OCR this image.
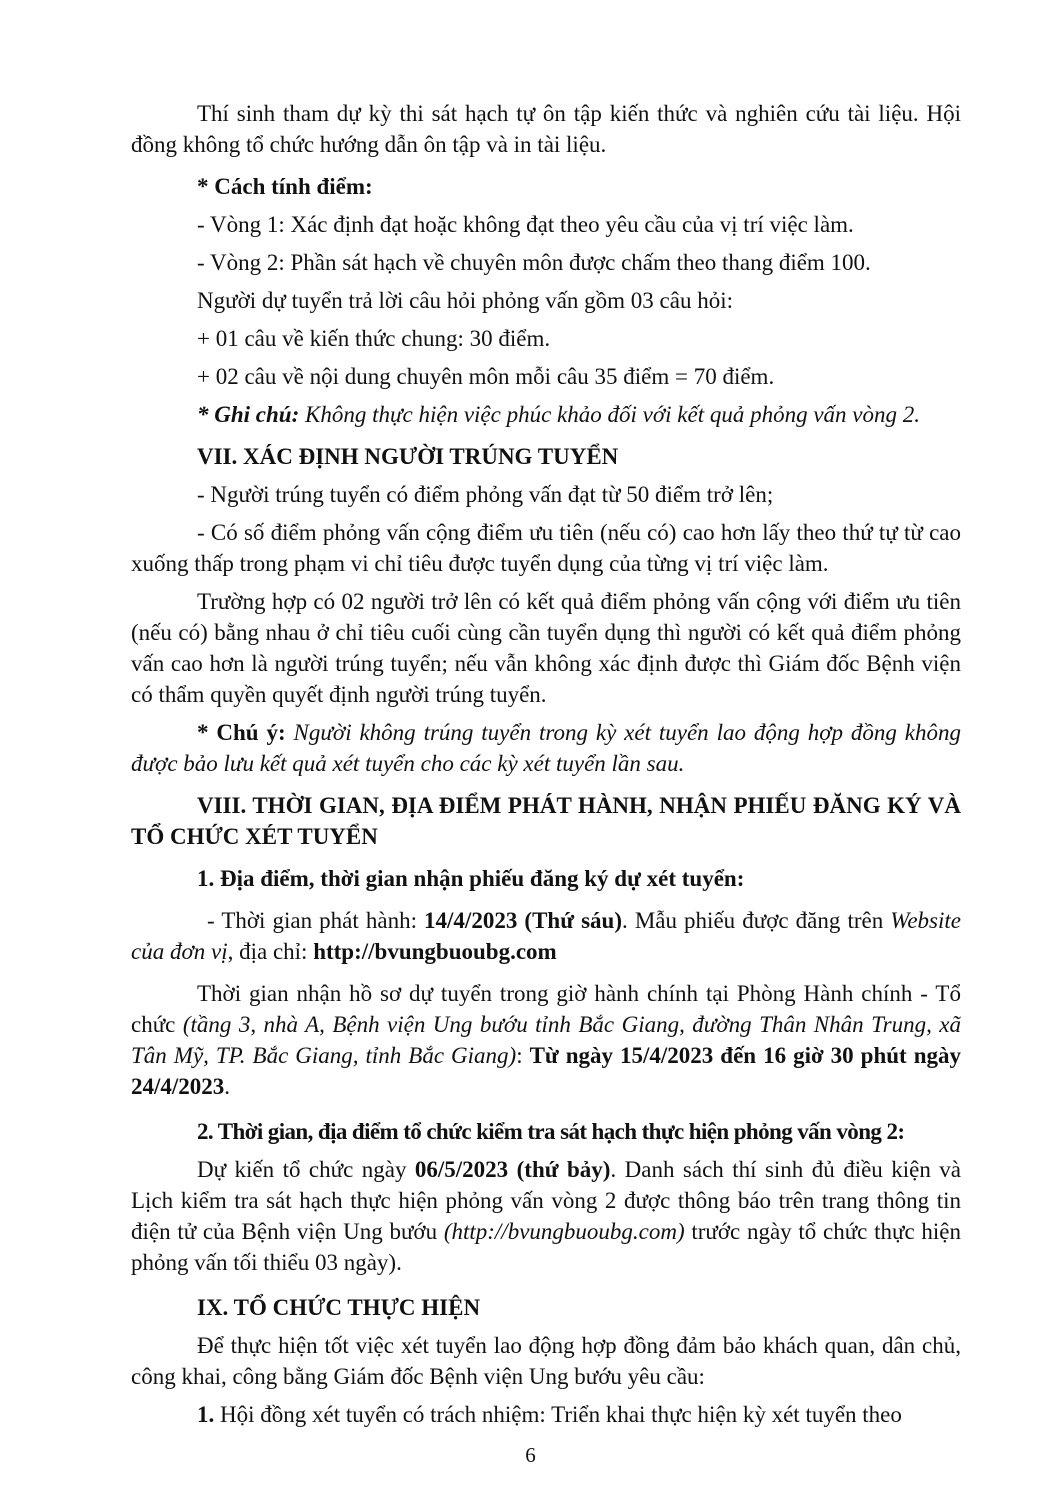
Thí sinh tham dự kỳ thi sát hạch tự ôn tập kiến thức và nghiên cứu tài liệu. Hội đồng không tổ chức hướng dẫn ôn tập và in tài liệu.

* Cách tính điểm:

- Vòng 1: Xác định đạt hoặc không đạt theo yêu cầu của vị trí việc làm.

- Vòng 2: Phần sát hạch về chuyên môn được chấm theo thang điểm 100.

Người dự tuyển trả lời câu hỏi phỏng vấn gồm 03 câu hỏi:

+ 01 câu về kiến thức chung: 30 điểm.

+ 02 câu về nội dung chuyên môn mỗi câu 35 điểm = 70 điểm.

* Ghi chú: Không thực hiện việc phúc khảo đối với kết quả phỏng vấn vòng 2.

VII. XÁC ĐỊNH NGƯỜI TRÚNG TUYỂN

- Người trúng tuyển có điểm phỏng vấn đạt từ 50 điểm trở lên;

- Có số điểm phỏng vấn cộng điểm ưu tiên (nếu có) cao hơn lấy theo thứ tự từ cao xuống thấp trong phạm vi chỉ tiêu được tuyển dụng của từng vị trí việc làm.

Trường hợp có 02 người trở lên có kết quả điểm phỏng vấn cộng với điểm ưu tiên (nếu có) bằng nhau ở chỉ tiêu cuối cùng cần tuyển dụng thì người có kết quả điểm phỏng vấn cao hơn là người trúng tuyển; nếu vẫn không xác định được thì Giám đốc Bệnh viện có thẩm quyền quyết định người trúng tuyển.

* Chú ý: Người không trúng tuyển trong kỳ xét tuyển lao động hợp đồng không được bảo lưu kết quả xét tuyển cho các kỳ xét tuyển lần sau.

VIII. THỜI GIAN, ĐỊA ĐIỂM PHÁT HÀNH, NHẬN PHIẾU ĐĂNG KÝ VÀ TỔ CHỨC XÉT TUYỂN

1. Địa điểm, thời gian nhận phiếu đăng ký dự xét tuyển:

- Thời gian phát hành: 14/4/2023 (Thứ sáu). Mẫu phiếu được đăng trên Website của đơn vị, địa chỉ: http://bvungbuoubg.com

Thời gian nhận hồ sơ dự tuyển trong giờ hành chính tại Phòng Hành chính - Tổ chức (tầng 3, nhà A, Bệnh viện Ung bướu tỉnh Bắc Giang, đường Thân Nhân Trung, xã Tân Mỹ, TP. Bắc Giang, tỉnh Bắc Giang): Từ ngày 15/4/2023 đến 16 giờ 30 phút ngày 24/4/2023.

2. Thời gian, địa điểm tổ chức kiểm tra sát hạch thực hiện phỏng vấn vòng 2:

Dự kiến tổ chức ngày 06/5/2023 (thứ bảy). Danh sách thí sinh đủ điều kiện và Lịch kiểm tra sát hạch thực hiện phỏng vấn vòng 2 được thông báo trên trang thông tin điện tử của Bệnh viện Ung bướu (http://bvungbuoubg.com) trước ngày tổ chức thực hiện phỏng vấn tối thiểu 03 ngày).

IX. TỔ CHỨC THỰC HIỆN

Để thực hiện tốt việc xét tuyển lao động hợp đồng đảm bảo khách quan, dân chủ, công khai, công bằng Giám đốc Bệnh viện Ung bướu yêu cầu:

1. Hội đồng xét tuyển có trách nhiệm: Triển khai thực hiện kỳ xét tuyển theo

6
